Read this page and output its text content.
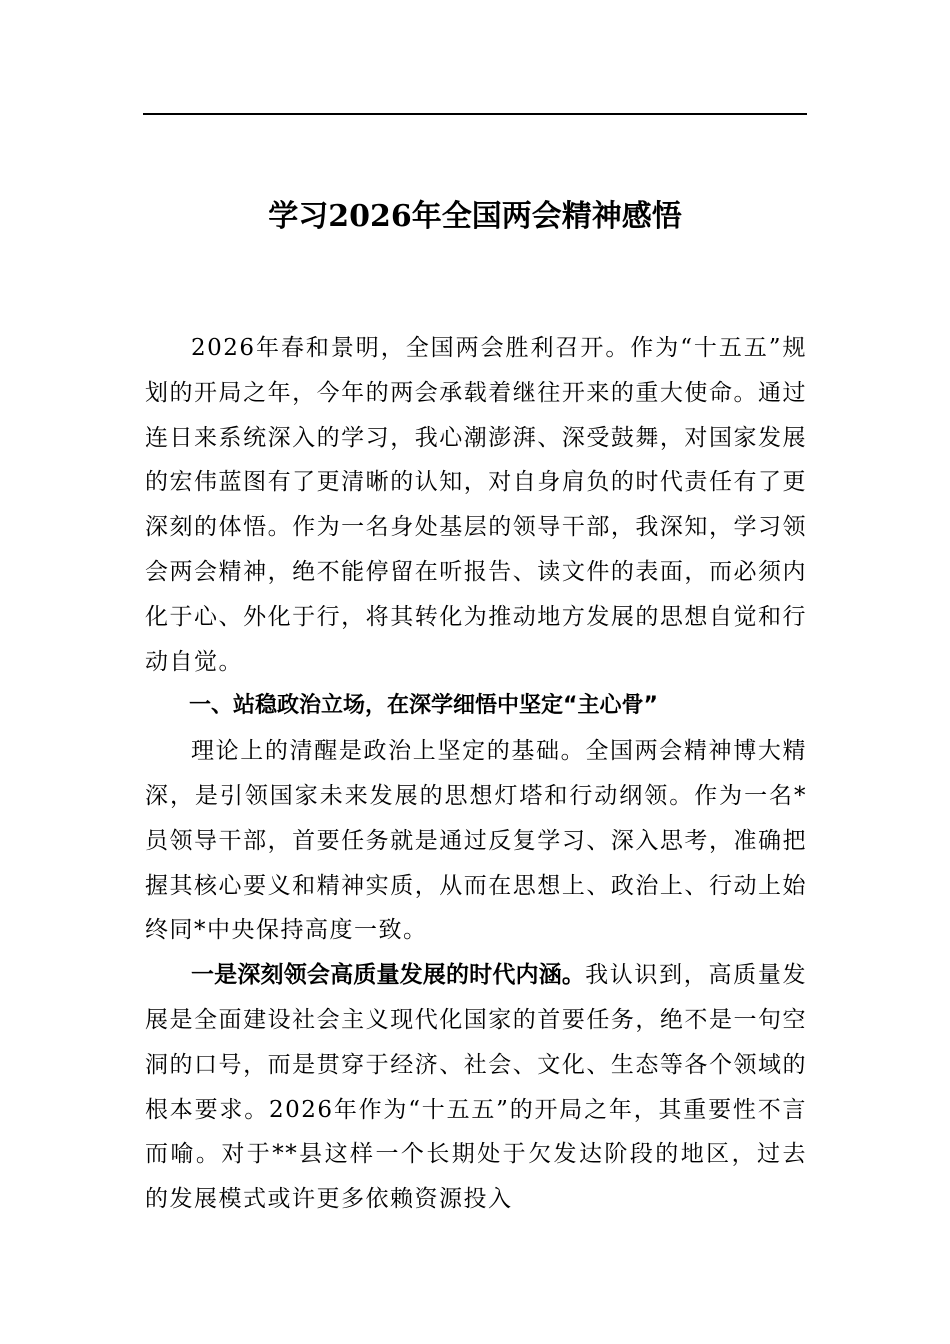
学习2026年全国两会精神感悟

2026年春和景明，全国两会胜利召开。作为“十五五”规划的开局之年，今年的两会承载着继往开来的重大使命。通过连日来系统深入的学习，我心潮澎湃、深受鼓舞，对国家发展的宏伟蓝图有了更清晰的认知，对自身肩负的时代责任有了更深刻的体悟。作为一名身处基层的领导干部，我深知，学习领会两会精神，绝不能停留在听报告、读文件的表面，而必须内化于心、外化于行，将其转化为推动地方发展的思想自觉和行动自觉。

一、站稳政治立场，在深学细悟中坚定“主心骨”

理论上的清醒是政治上坚定的基础。全国两会精神博大精深，是引领国家未来发展的思想灯塔和行动纲领。作为一名*员领导干部，首要任务就是通过反复学习、深入思考，准确把握其核心要义和精神实质，从而在思想上、政治上、行动上始终同*中央保持高度一致。

一是深刻领会高质量发展的时代内涵。我认识到，高质量发展是全面建设社会主义现代化国家的首要任务，绝不是一句空洞的口号，而是贯穿于经济、社会、文化、生态等各个领域的根本要求。2026年作为“十五五”的开局之年，其重要性不言而喻。对于**县这样一个长期处于欠发达阶段的地区，过去的发展模式或许更多依赖资源投入
